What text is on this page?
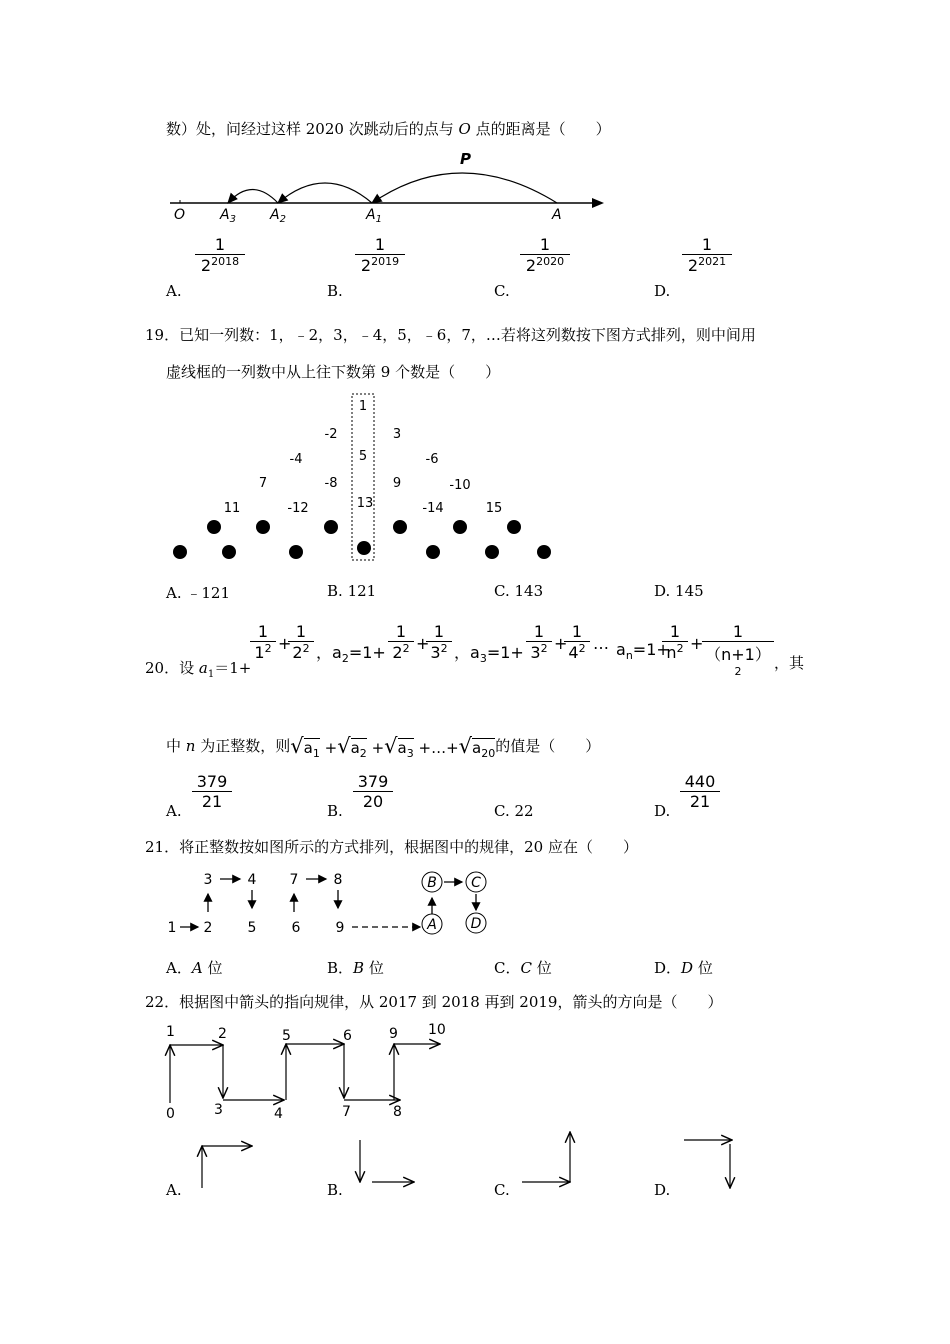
数）处，问经过这样 2020 次跳动后的点与 O 点的距离是（　　）
O $A_3$ $A_2$	$A_1$	A
P
A.
1
$2^{2018}$
B.
1
$2^{2019}$
C.
1
$2^{2020}$
D.
1
$2^{2021}$
19．已知一列数：1，﹣2，3，﹣4，5，﹣6，7，…若将这列数按下图方式排列，则中间用
虚线框的一列数中从上往下数第 9 个数是（　　）
1
-2	3
5
-4	-6
7	-8	9	-10
11	-12	13	-14	15
A. ﹣121	B. 121	C. 143	D. 145
20．设 $a_1=1+$
1
$1^2$ +
1
$2^2$ ，$a_2=1+$
1
$2^2$ +
1
$3^2$ ，$a_3=1+$
1
$3^2$ +
1
$4^2$ … $a_n=1+$
1
$n^2$ +
1
$(n+1)^2$	，其
中 n 为正整数，则$√a_1 +√a_2 +√a_3$ $+\dots+√a_{20}$的值是（　　）
A.
379
21	B.
379
20	C. 22	D.
440
21
21．将正整数按如图所示的方式排列，根据图中的规律，20 应在（　　）
1 2
3	4
5	6
7	8
9	A
B C
D
A．A 位	B．B 位	C．C 位	D．D 位
22．根据图中箭头的指向规律，从 2017 到 2018 再到 2019，箭头的方向是（　　）
0
1	2
3	4
5	6
7	8
9 10
A.	B.	C.	D.
